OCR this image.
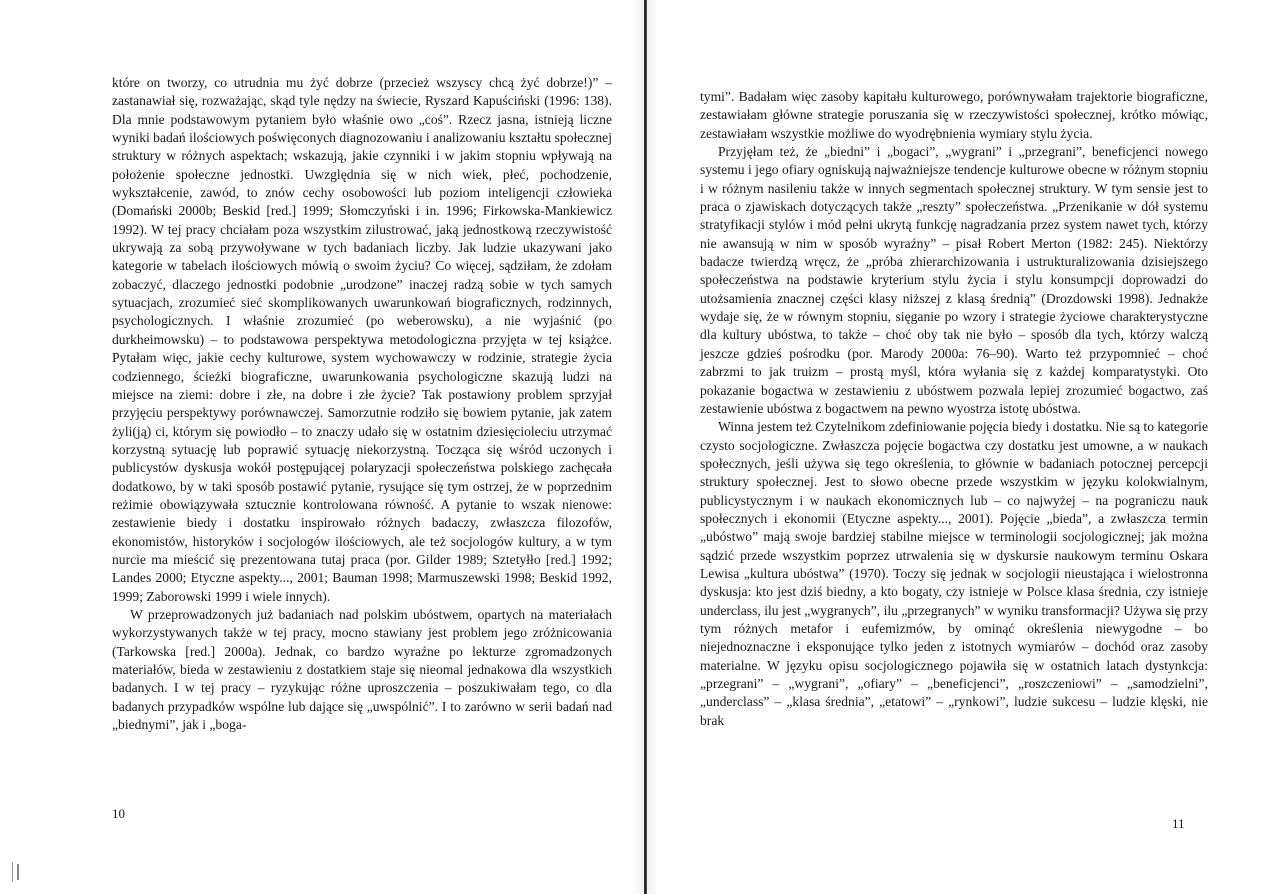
które on tworzy, co utrudnia mu żyć dobrze (przecież wszyscy chcą żyć dobrze!)” – zastanawiał się, rozważając, skąd tyle nędzy na świecie, Ryszard Kapuściński (1996: 138). Dla mnie podstawowym pytaniem było właśnie owo „coś”. Rzecz jasna, istnieją liczne wyniki badań ilościowych poświęconych diagnozowaniu i analizowaniu kształtu społecznej struktury w różnych aspektach; wskazują, jakie czynniki i w jakim stopniu wpływają na położenie społeczne jednostki. Uwzględnia się w nich wiek, płeć, pochodzenie, wykształcenie, zawód, to znów cechy osobowości lub poziom inteligencji człowieka (Domański 2000b; Beskid [red.] 1999; Słomczyński i in. 1996; Firkowska-Mankiewicz 1992). W tej pracy chciałam poza wszystkim zilustrować, jaką jednostkową rzeczywistość ukrywają za sobą przywoływane w tych badaniach liczby. Jak ludzie ukazywani jako kategorie w tabelach ilościowych mówią o swoim życiu? Co więcej, sądziłam, że zdołam zobaczyć, dlaczego jednostki podobnie „urodzone” inaczej radzą sobie w tych samych sytuacjach, zrozumieć sieć skomplikowanych uwarunkowań biograficznych, rodzinnych, psychologicznych. I właśnie zrozumieć (po weberowsku), a nie wyjaśnić (po durkheimowsku) – to podstawowa perspektywa metodologiczna przyjęta w tej książce. Pytałam więc, jakie cechy kulturowe, system wychowawczy w rodzinie, strategie życia codziennego, ścieżki biograficzne, uwarunkowania psychologiczne skazują ludzi na miejsce na ziemi: dobre i złe, na dobre i złe życie? Tak postawiony problem sprzyjał przyjęciu perspektywy porównawczej. Samorzutnie rodziło się bowiem pytanie, jak zatem żyli(ją) ci, którym się powiodło – to znaczy udało się w ostatnim dziesięcioleciu utrzymać korzystną sytuację lub poprawić sytuację niekorzystną. Tocząca się wśród uczonych i publicystów dyskusja wokół postępującej polaryzacji społeczeństwa polskiego zachęcała dodatkowo, by w taki sposób postawić pytanie, rysujące się tym ostrzej, że w poprzednim reżimie obowiązywała sztucznie kontrolowana równość. A pytanie to wszak nienowe: zestawienie biedy i dostatku inspirowało różnych badaczy, zwłaszcza filozofów, ekonomistów, historyków i socjologów ilościowych, ale też socjologów kultury, a w tym nurcie ma mieścić się prezentowana tutaj praca (por. Gilder 1989; Sztetyłło [red.] 1992; Landes 2000; Etyczne aspekty..., 2001; Bauman 1998; Marmuszewski 1998; Beskid 1992, 1999; Zaborowski 1999 i wiele innych).

W przeprowadzonych już badaniach nad polskim ubóstwem, opartych na materiałach wykorzystywanych także w tej pracy, mocno stawiany jest problem jego zróżnicowania (Tarkowska [red.] 2000a). Jednak, co bardzo wyraźne po lekturze zgromadzonych materiałów, bieda w zestawieniu z dostatkiem staje się nieomal jednakowa dla wszystkich badanych. I w tej pracy – ryzykując różne uproszczenia – poszukiwałam tego, co dla badanych przypadków wspólne lub dające się „uwspólnić”. I to zarówno w serii badań nad „biednymi”, jak i „boga-

10

tymi”. Badałam więc zasoby kapitału kulturowego, porównywałam trajektorie biograficzne, zestawiałam główne strategie poruszania się w rzeczywistości społecznej, krótko mówiąc, zestawiałam wszystkie możliwe do wyodrębnienia wymiary stylu życia.

Przyjęłam też, że „biedni” i „bogaci”, „wygrani” i „przegrani”, beneficjenci nowego systemu i jego ofiary ogniskują najważniejsze tendencje kulturowe obecne w różnym stopniu i w różnym nasileniu także w innych segmentach społecznej struktury. W tym sensie jest to praca o zjawiskach dotyczących także „reszty” społeczeństwa. „Przenikanie w dół systemu stratyfikacji stylów i mód pełni ukrytą funkcję nagradzania przez system nawet tych, którzy nie awansują w nim w sposób wyraźny” – pisał Robert Merton (1982: 245). Niektórzy badacze twierdzą wręcz, że „próba zhierarchizowania i ustrukturalizowania dzisiejszego społeczeństwa na podstawie kryterium stylu życia i stylu konsumpcji doprowadzi do utożsamienia znacznej części klasy niższej z klasą średnią” (Drozdowski 1998). Jednakże wydaje się, że w równym stopniu, sięganie po wzory i strategie życiowe charakterystyczne dla kultury ubóstwa, to także – choć oby tak nie było – sposób dla tych, którzy walczą jeszcze gdzieś pośrodku (por. Marody 2000a: 76–90). Warto też przypomnieć – choć zabrzmi to jak truizm – prostą myśl, która wyłania się z każdej komparatystyki. Oto pokazanie bogactwa w zestawieniu z ubóstwem pozwala lepiej zrozumieć bogactwo, zaś zestawienie ubóstwa z bogactwem na pewno wyostrza istotę ubóstwa.

Winna jestem też Czytelnikom zdefiniowanie pojęcia biedy i dostatku. Nie są to kategorie czysto socjologiczne. Zwłaszcza pojęcie bogactwa czy dostatku jest umowne, a w naukach społecznych, jeśli używa się tego określenia, to głównie w badaniach potocznej percepcji struktury społecznej. Jest to słowo obecne przede wszystkim w języku kolokwialnym, publicystycznym i w naukach ekonomicznych lub – co najwyżej – na pograniczu nauk społecznych i ekonomii (Etyczne aspekty..., 2001). Pojęcie „bieda”, a zwłaszcza termin „ubóstwo” mają swoje bardziej stabilne miejsce w terminologii socjologicznej; jak można sądzić przede wszystkim poprzez utrwalenia się w dyskursie naukowym terminu Oskara Lewisa „kultura ubóstwa” (1970). Toczy się jednak w socjologii nieustająca i wielostronna dyskusja: kto jest dziś biedny, a kto bogaty, czy istnieje w Polsce klasa średnia, czy istnieje underclass, ilu jest „wygranych”, ilu „przegranych” w wyniku transformacji? Używa się przy tym różnych metafor i eufemizmów, by ominąć określenia niewygodne – bo niejednoznaczne i eksponujące tylko jeden z istotnych wymiarów – dochód oraz zasoby materialne. W języku opisu socjologicznego pojawiła się w ostatnich latach dystynkcja: „przegrani” – „wygrani”, „ofiary” – „beneficjenci”, „roszczeniowi” – „samodzielni”, „underclass” – „klasa średnia”, „etatowi” – „rynkowi”, ludzie sukcesu – ludzie klęski, nie brak

11
